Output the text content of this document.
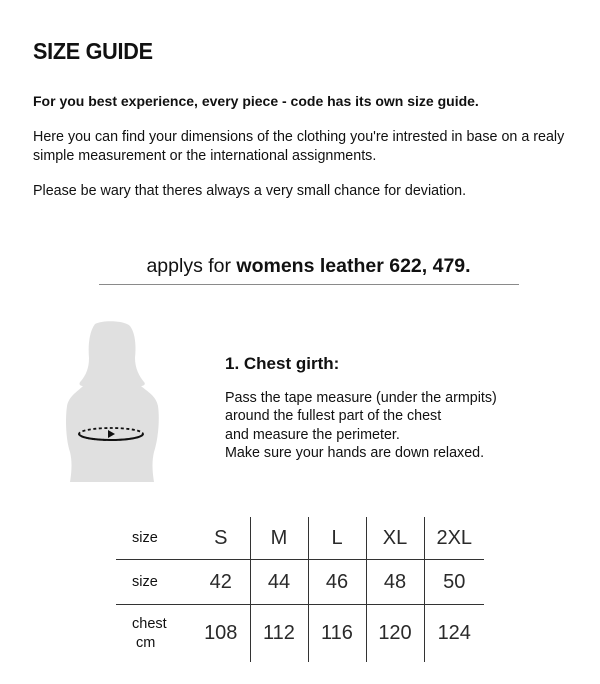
SIZE GUIDE

For you best experience, every piece - code has its own size guide.

Here you can find your dimensions of the clothing you're intrested in base on a realy simple measurement or the international assignments.

Please be wary that theres always a very small chance for deviation.

applys for womens leather 622, 479.

1. Chest girth:

Pass the tape measure (under the armpits)
around the fullest part of the chest
and measure the perimeter.
Make sure your hands are down relaxed.

size	S	M	L	XL	2XL

size	42	44	46	48	50

chest
cm	108	112	116	120	124
